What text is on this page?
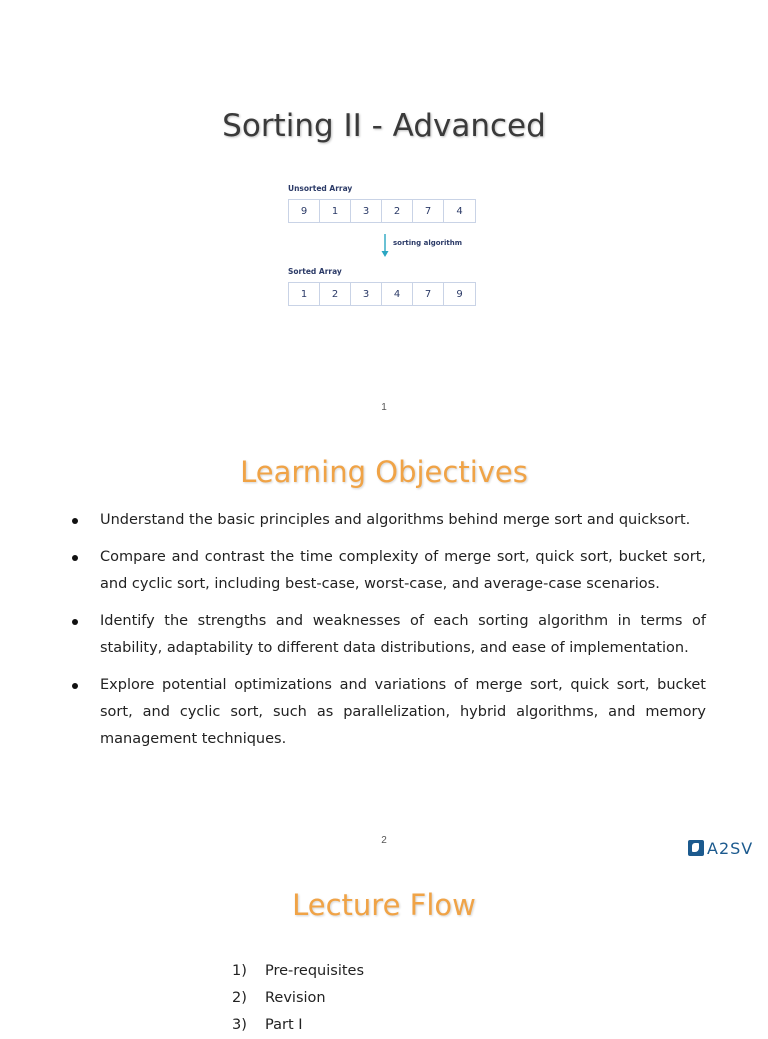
Sorting II - Advanced
Unsorted Array
9	1	3	2	7	4
sorting algorithm
Sorted Array
1	2	3	4	7	9
1
Learning Objectives
Understand the basic principles and algorithms behind merge sort and quicksort.
Compare and contrast the time complexity of merge sort, quick sort, bucket sort, and cyclic sort, including best-case, worst-case, and average-case scenarios.
Identify the strengths and weaknesses of each sorting algorithm in terms of stability, adaptability to different data distributions, and ease of implementation.
Explore potential optimizations and variations of merge sort, quick sort, bucket sort, and cyclic sort, such as parallelization, hybrid algorithms, and memory management techniques.
2	A2SV
Lecture Flow
1)	Pre-requisites
2)	Revision
3)	Part I
